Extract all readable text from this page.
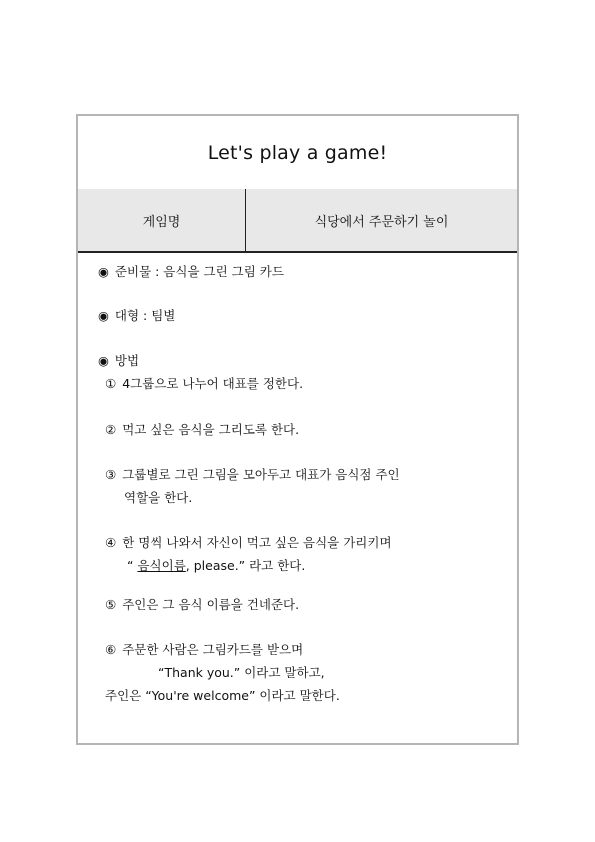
Let's play a game!
게임명	식당에서 주문하기 놀이
◉ 준비물 : 음식을 그린 그림 카드
◉ 대형 : 팀별
◉ 방법
① 4그룹으로 나누어 대표를 정한다.
② 먹고 싶은 음식을 그리도록 한다.
③ 그룹별로 그린 그림을 모아두고 대표가 음식점 주인
역할을 한다.
④ 한 명씩 나와서 자신이 먹고 싶은 음식을 가리키며
“ 음식이름, please.” 라고 한다.
⑤ 주인은 그 음식 이름을 건네준다.
⑥ 주문한 사람은 그림카드를 받으며
“Thank you.” 이라고 말하고,
주인은 “You're welcome” 이라고 말한다.
